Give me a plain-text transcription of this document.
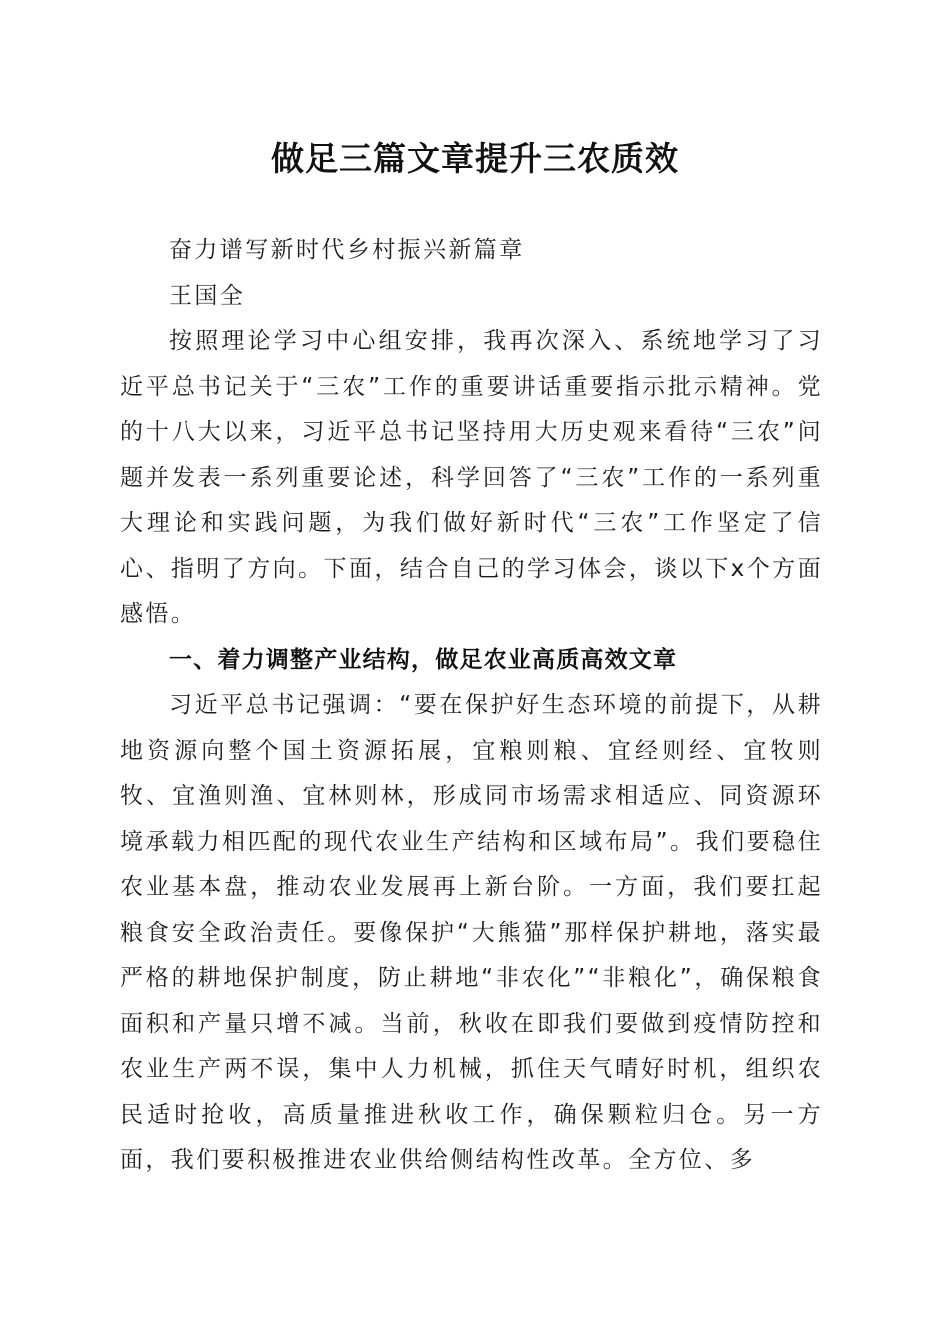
做足三篇文章提升三农质效

奋力谱写新时代乡村振兴新篇章

王国全

按照理论学习中心组安排，我再次深入、系统地学习了习近平总书记关于“三农”工作的重要讲话重要指示批示精神。党的十八大以来，习近平总书记坚持用大历史观来看待“三农”问题并发表一系列重要论述，科学回答了“三农”工作的一系列重大理论和实践问题，为我们做好新时代“三农”工作坚定了信心、指明了方向。下面，结合自己的学习体会，谈以下x个方面感悟。

一、着力调整产业结构，做足农业高质高效文章

习近平总书记强调：“要在保护好生态环境的前提下，从耕地资源向整个国土资源拓展，宜粮则粮、宜经则经、宜牧则牧、宜渔则渔、宜林则林，形成同市场需求相适应、同资源环境承载力相匹配的现代农业生产结构和区域布局”。我们要稳住农业基本盘，推动农业发展再上新台阶。一方面，我们要扛起粮食安全政治责任。要像保护“大熊猫”那样保护耕地，落实最严格的耕地保护制度，防止耕地“非农化”“非粮化”，确保粮食面积和产量只增不减。当前，秋收在即我们要做到疫情防控和农业生产两不误，集中人力机械，抓住天气晴好时机，组织农民适时抢收，高质量推进秋收工作，确保颗粒归仓。另一方面，我们要积极推进农业供给侧结构性改革。全方位、多
